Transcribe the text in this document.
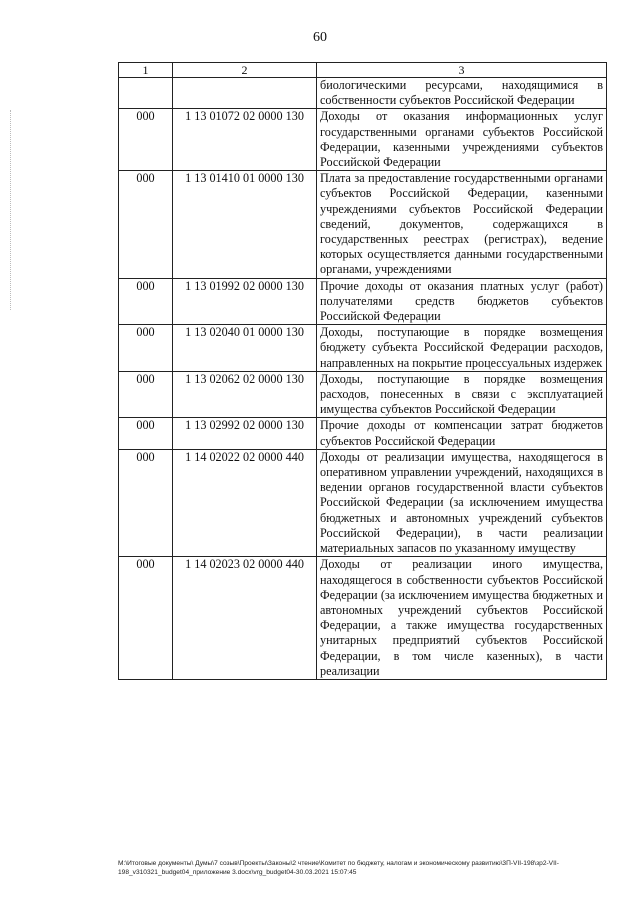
60
1	2	3
		биологическими ресурсами, находящимися в собственности субъектов Российской Федерации
000	1 13 01072 02 0000 130	Доходы от оказания информационных услуг государственными органами субъектов Российской Федерации, казенными учреждениями субъектов Российской Федерации
000	1 13 01410 01 0000 130	Плата за предоставление государственными органами субъектов Российской Федерации, казенными учреждениями субъектов Российской Федерации сведений, документов, содержащихся в государственных реестрах (регистрах), ведение которых осуществляется данными государственными органами, учреждениями
000	1 13 01992 02 0000 130	Прочие доходы от оказания платных услуг (работ) получателями средств бюджетов субъектов Российской Федерации
000	1 13 02040 01 0000 130	Доходы, поступающие в порядке возмещения бюджету субъекта Российской Федерации расходов, направленных на покрытие процессуальных издержек
000	1 13 02062 02 0000 130	Доходы, поступающие в порядке возмещения расходов, понесенных в связи с эксплуатацией имущества субъектов Российской Федерации
000	1 13 02992 02 0000 130	Прочие доходы от компенсации затрат бюджетов субъектов Российской Федерации
000	1 14 02022 02 0000 440	Доходы от реализации имущества, находящегося в оперативном управлении учреждений, находящихся в ведении органов государственной власти субъектов Российской Федерации (за исключением имущества бюджетных и автономных учреждений субъектов Российской Федерации), в части реализации материальных запасов по указанному имуществу
000	1 14 02023 02 0000 440	Доходы от реализации иного имущества, находящегося в собственности субъектов Российской Федерации (за исключением имущества бюджетных и автономных учреждений субъектов Российской Федерации, а также имущества государственных унитарных предприятий субъектов Российской Федерации, в том числе казенных), в части реализации
M:\Итоговые документы\ Думы\7 созыв\Проекты\Законы\2 чтение\Комитет по бюджету, налогам и экономическому развитию\3П-VII-198\зр2-VII-
198_v310321_budget04_приложение 3.docx\vrg_budget04-30.03.2021 15:07:45
